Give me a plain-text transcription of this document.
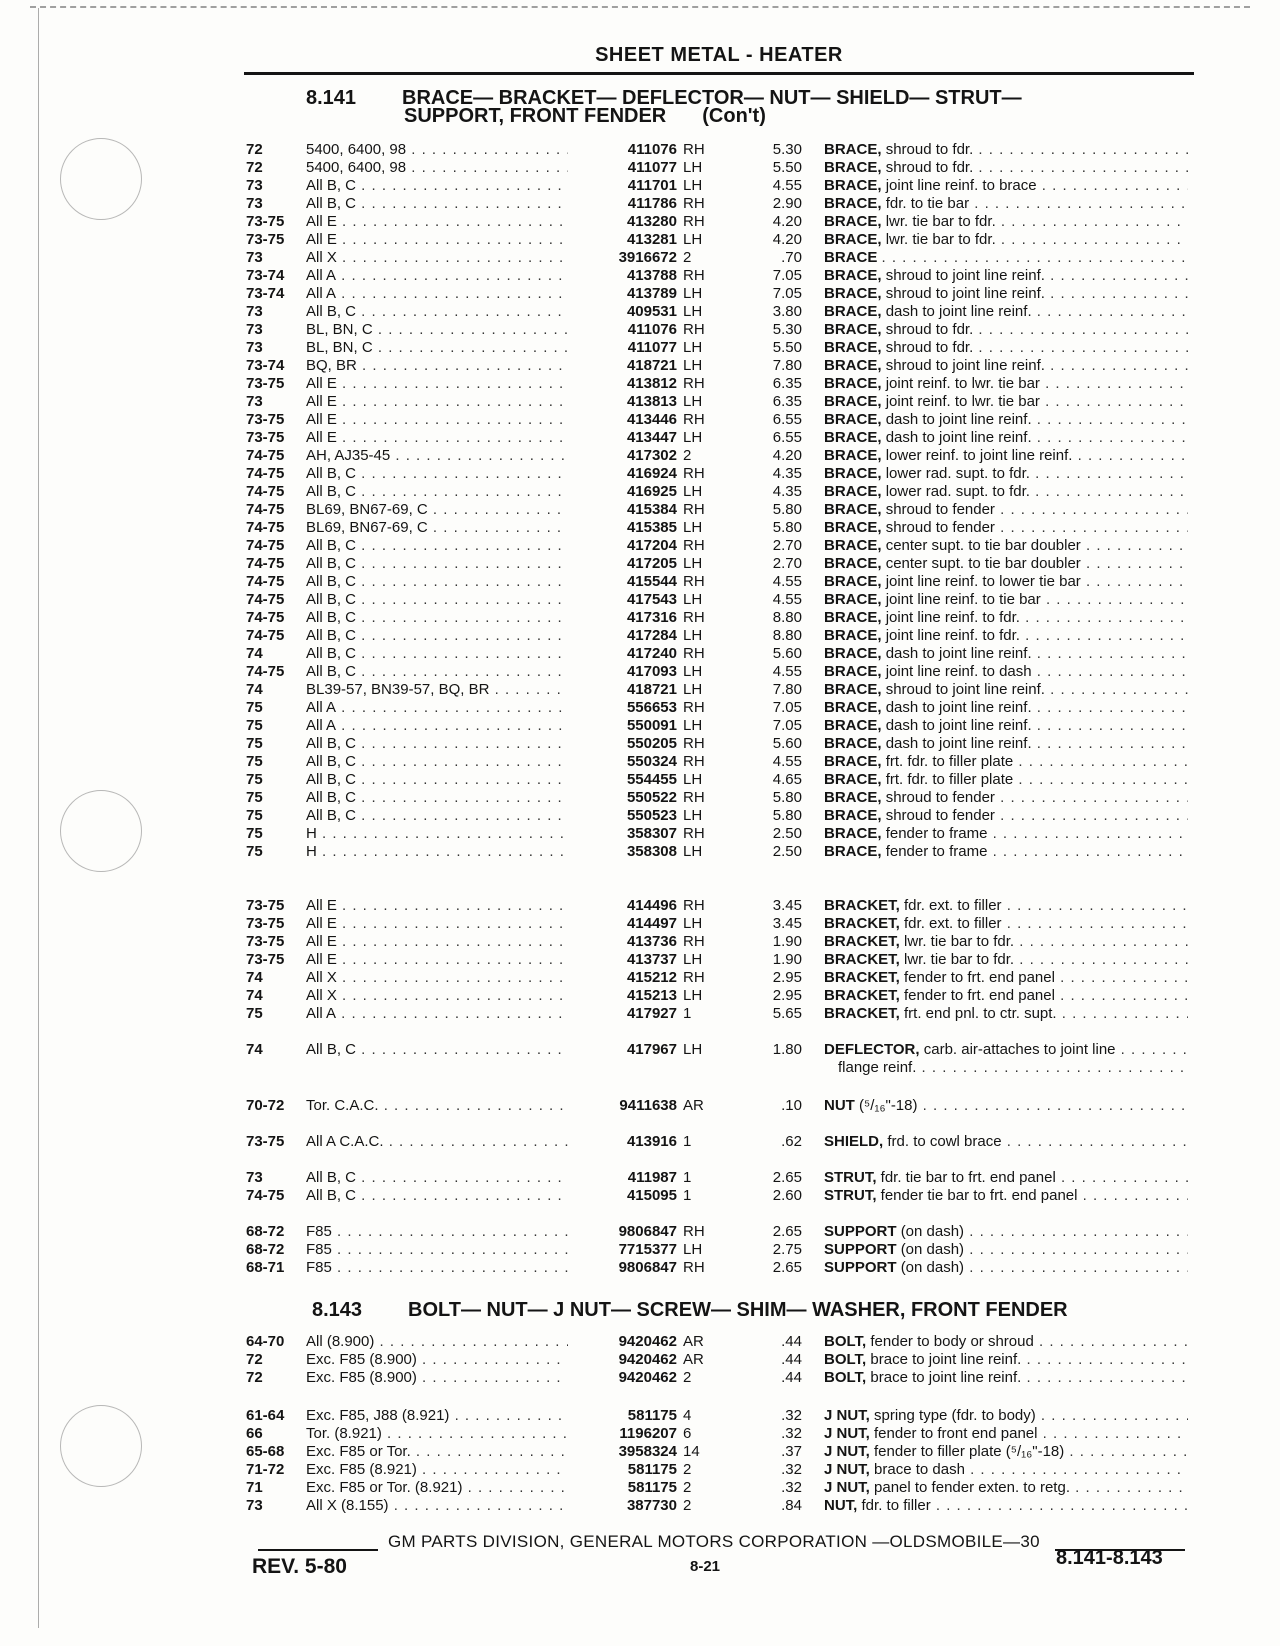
SHEET METAL - HEATER
8.141 BRACE— BRACKET— DEFLECTOR— NUT— SHIELD— STRUT—
SUPPORT, FRONT FENDER (Con't)
8.143 BOLT— NUT— J NUT— SCREW— SHIM— WASHER, FRONT FENDER
72	5400, 6400, 98 . . .	411076 RH	5.30 BRACE, shroud to fdr. . . .
72	5400, 6400, 98 . . .	411077 LH	5.50 BRACE, shroud to fdr. . . .
73	All B, C . . .	411701 LH	4.55 BRACE, joint line reinf. to brace . . .
73	All B, C . . .	411786 RH	2.90 BRACE, fdr. to tie bar . . .
73-75	All E . . .	413280 RH	4.20 BRACE, lwr. tie bar to fdr. . . .
73-75	All E . . .	413281 LH	4.20 BRACE, lwr. tie bar to fdr. . . .
73	All X . . .	3916672 2	.70 BRACE . . .
73-74	All A . . .	413788 RH	7.05 BRACE, shroud to joint line reinf. . . .
73-74	All A . . .	413789 LH	7.05 BRACE, shroud to joint line reinf. . . .
73	All B, C . . .	409531 LH	3.80 BRACE, dash to joint line reinf. . . .
73	BL, BN, C . . .	411076 RH	5.30 BRACE, shroud to fdr. . . .
73	BL, BN, C . . .	411077 LH	5.50 BRACE, shroud to fdr. . . .
73-74	BQ, BR . . .	418721 LH	7.80 BRACE, shroud to joint line reinf. . . .
73-75	All E . . .	413812 RH	6.35 BRACE, joint reinf. to lwr. tie bar . . .
73	All E . . .	413813 LH	6.35 BRACE, joint reinf. to lwr. tie bar . . .
73-75	All E . . .	413446 RH	6.55 BRACE, dash to joint line reinf. . . .
73-75	All E . . .	413447 LH	6.55 BRACE, dash to joint line reinf. . . .
74-75	AH, AJ35-45 . . .	417302 2	4.20 BRACE, lower reinf. to joint line reinf. . . .
74-75	All B, C . . .	416924 RH	4.35 BRACE, lower rad. supt. to fdr. . . .
74-75	All B, C . . .	416925 LH	4.35 BRACE, lower rad. supt. to fdr. . . .
74-75	BL69, BN67-69, C . . .	415384 RH	5.80 BRACE, shroud to fender . . .
74-75	BL69, BN67-69, C . . .	415385 LH	5.80 BRACE, shroud to fender . . .
74-75	All B, C . . .	417204 RH	2.70 BRACE, center supt. to tie bar doubler . . .
74-75	All B, C . . .	417205 LH	2.70 BRACE, center supt. to tie bar doubler . . .
74-75	All B, C . . .	415544 RH	4.55 BRACE, joint line reinf. to lower tie bar . . .
74-75	All B, C . . .	417543 LH	4.55 BRACE, joint line reinf. to tie bar . . .
74-75	All B, C . . .	417316 RH	8.80 BRACE, joint line reinf. to fdr. . . .
74-75	All B, C . . .	417284 LH	8.80 BRACE, joint line reinf. to fdr. . . .
74	All B, C . . .	417240 RH	5.60 BRACE, dash to joint line reinf. . . .
74-75	All B, C . . .	417093 LH	4.55 BRACE, joint line reinf. to dash . . .
74	BL39-57, BN39-57, BQ, BR . . .	418721 LH	7.80 BRACE, shroud to joint line reinf. . . .
75	All A . . .	556653 RH	7.05 BRACE, dash to joint line reinf. . . .
75	All A . . .	550091 LH	7.05 BRACE, dash to joint line reinf. . . .
75	All B, C . . .	550205 RH	5.60 BRACE, dash to joint line reinf. . . .
75	All B, C . . .	550324 RH	4.55 BRACE, frt. fdr. to filler plate . . .
75	All B, C . . .	554455 LH	4.65 BRACE, frt. fdr. to filler plate . . .
75	All B, C . . .	550522 RH	5.80 BRACE, shroud to fender . . .
75	All B, C . . .	550523 LH	5.80 BRACE, shroud to fender . . .
75	H . . .	358307 RH	2.50 BRACE, fender to frame . . .
75	H . . .	358308 LH	2.50 BRACE, fender to frame . . .
73-75	All E . . .	414496 RH	3.45 BRACKET, fdr. ext. to filler . . .
73-75	All E . . .	414497 LH	3.45 BRACKET, fdr. ext. to filler . . .
73-75	All E . . .	413736 RH	1.90 BRACKET, lwr. tie bar to fdr. . . .
73-75	All E . . .	413737 LH	1.90 BRACKET, lwr. tie bar to fdr. . . .
74	All X . . .	415212 RH	2.95 BRACKET, fender to frt. end panel . . .
74	All X . . .	415213 LH	2.95 BRACKET, fender to frt. end panel . . .
75	All A . . .	417927 1	5.65 BRACKET, frt. end pnl. to ctr. supt. . . .
74	All B, C . . .	417967 LH	1.80 DEFLECTOR, carb. air-attaches to joint line . . .
flange reinf. . . .
70-72	Tor. C.A.C. . . .	9411638 AR	.10 NUT (⁵/₁₆"-18) . . .
73-75	All A C.A.C. . . .	413916 1	.62 SHIELD, frd. to cowl brace . . .
73	All B, C . . .	411987 1	2.65 STRUT, fdr. tie bar to frt. end panel . . .
74-75	All B, C . . .	415095 1	2.60 STRUT, fender tie bar to frt. end panel . . .
68-72	F85 . . .	9806847 RH	2.65 SUPPORT (on dash) . . .
68-72	F85 . . .	7715377 LH	2.75 SUPPORT (on dash) . . .
68-71	F85 . . .	9806847 RH	2.65 SUPPORT (on dash) . . .
64-70	All (8.900) . . .	9420462 AR	.44 BOLT, fender to body or shroud . . .
72	Exc. F85 (8.900) . . .	9420462 AR	.44 BOLT, brace to joint line reinf. . . .
72	Exc. F85 (8.900) . . .	9420462 2	.44 BOLT, brace to joint line reinf. . . .
61-64	Exc. F85, J88 (8.921) . . .	581175 4	.32 J NUT, spring type (fdr. to body) . . .
66	Tor. (8.921) . . .	1196207 6	.32 J NUT, fender to front end panel . . .
65-68	Exc. F85 or Tor. . . .	3958324 14	.37 J NUT, fender to filler plate (⁵/₁₆"-18) . . .
71-72	Exc. F85 (8.921) . . .	581175 2	.32 J NUT, brace to dash . . .
71	Exc. F85 or Tor. (8.921) . . .	581175 2	.32 J NUT, panel to fender exten. to retg. . . .
73	All X (8.155) . . .	387730 2	.84 NUT, fdr. to filler . . .
GM PARTS DIVISION, GENERAL MOTORS CORPORATION —OLDSMOBILE—30
REV. 5-80	8-21	8.141-8.143
